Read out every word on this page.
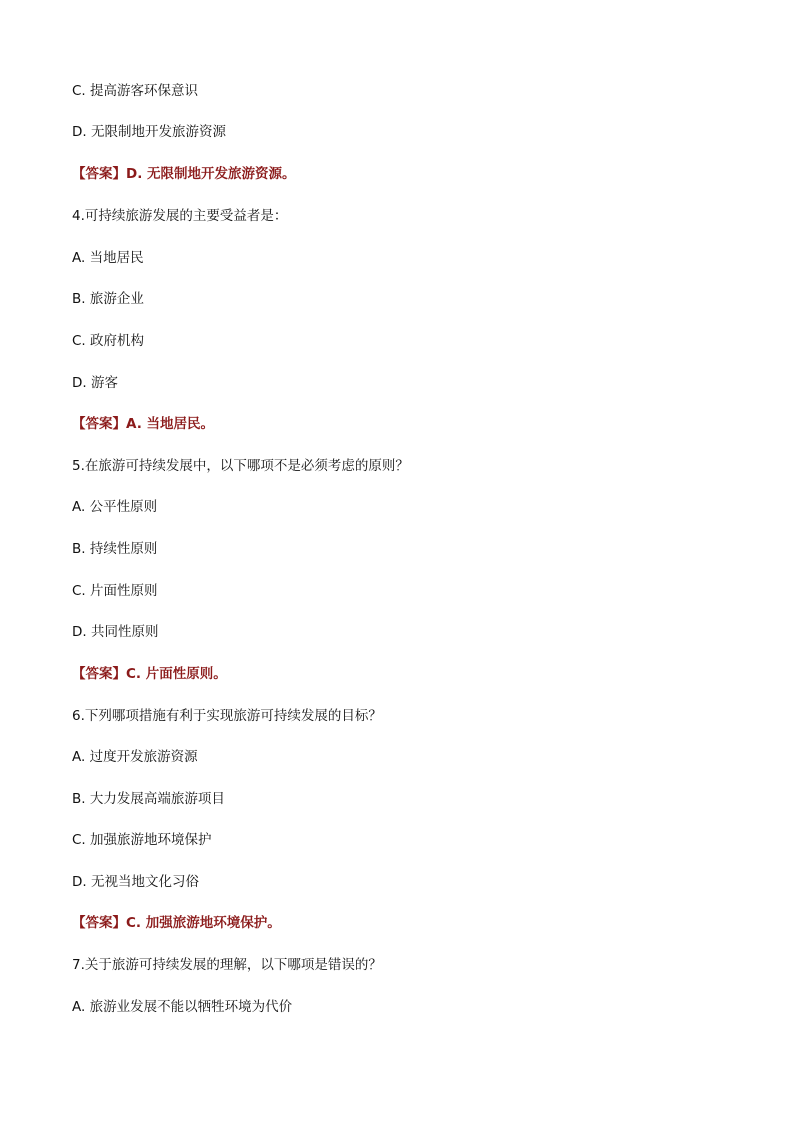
C. 提高游客环保意识
D. 无限制地开发旅游资源
【答案】D. 无限制地开发旅游资源。
4.可持续旅游发展的主要受益者是：
A. 当地居民
B. 旅游企业
C. 政府机构
D. 游客
【答案】A. 当地居民。
5.在旅游可持续发展中，以下哪项不是必须考虑的原则？
A. 公平性原则
B. 持续性原则
C. 片面性原则
D. 共同性原则
【答案】C. 片面性原则。
6.下列哪项措施有利于实现旅游可持续发展的目标？
A. 过度开发旅游资源
B. 大力发展高端旅游项目
C. 加强旅游地环境保护
D. 无视当地文化习俗
【答案】C. 加强旅游地环境保护。
7.关于旅游可持续发展的理解，以下哪项是错误的？
A. 旅游业发展不能以牺牲环境为代价
